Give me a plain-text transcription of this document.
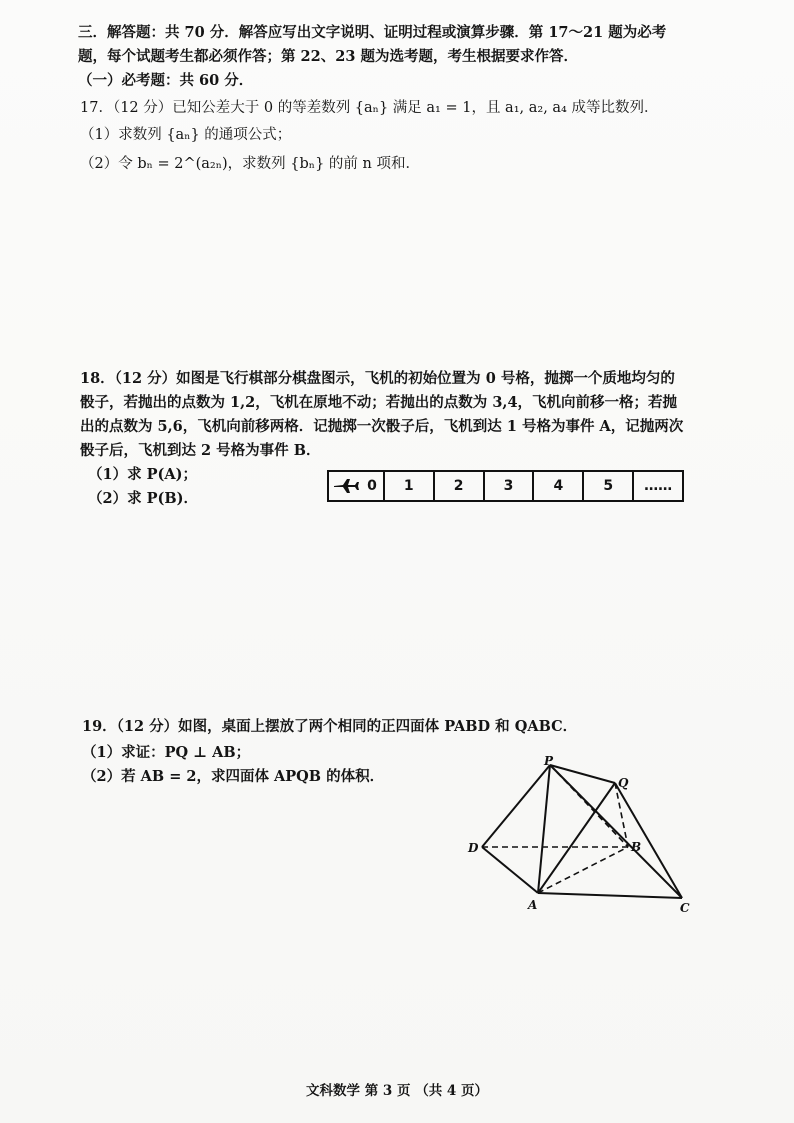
三．解答题：共 70 分．解答应写出文字说明、证明过程或演算步骤．第 17～21 题为必考
题，每个试题考生都必须作答；第 22、23 题为选考题，考生根据要求作答．
（一）必考题：共 60 分．
17．（12 分）已知公差大于 0 的等差数列 {aₙ} 满足 a₁ = 1，且 a₁, a₂, a₄ 成等比数列．
（1）求数列 {aₙ} 的通项公式；
（2）令 bₙ = 2^(a₂ₙ)，求数列 {bₙ} 的前 n 项和．
18．（12 分）如图是飞行棋部分棋盘图示，飞机的初始位置为 0 号格，抛掷一个质地均匀的
骰子，若抛出的点数为 1,2，飞机在原地不动；若抛出的点数为 3,4，飞机向前移一格；若抛
出的点数为 5,6，飞机向前移两格．记抛掷一次骰子后，飞机到达 1 号格为事件 A，记抛两次
骰子后，飞机到达 2 号格为事件 B．
（1）求 P(A)；
（2）求 P(B)．
0	1	2	3	4	5	……
19．（12 分）如图，桌面上摆放了两个相同的正四面体 PABD 和 QABC．
（1）求证：PQ ⊥ AB；
（2）若 AB = 2，求四面体 APQB 的体积．
P
Q
D	B
A	C
文科数学 第 3 页 （共 4 页）
